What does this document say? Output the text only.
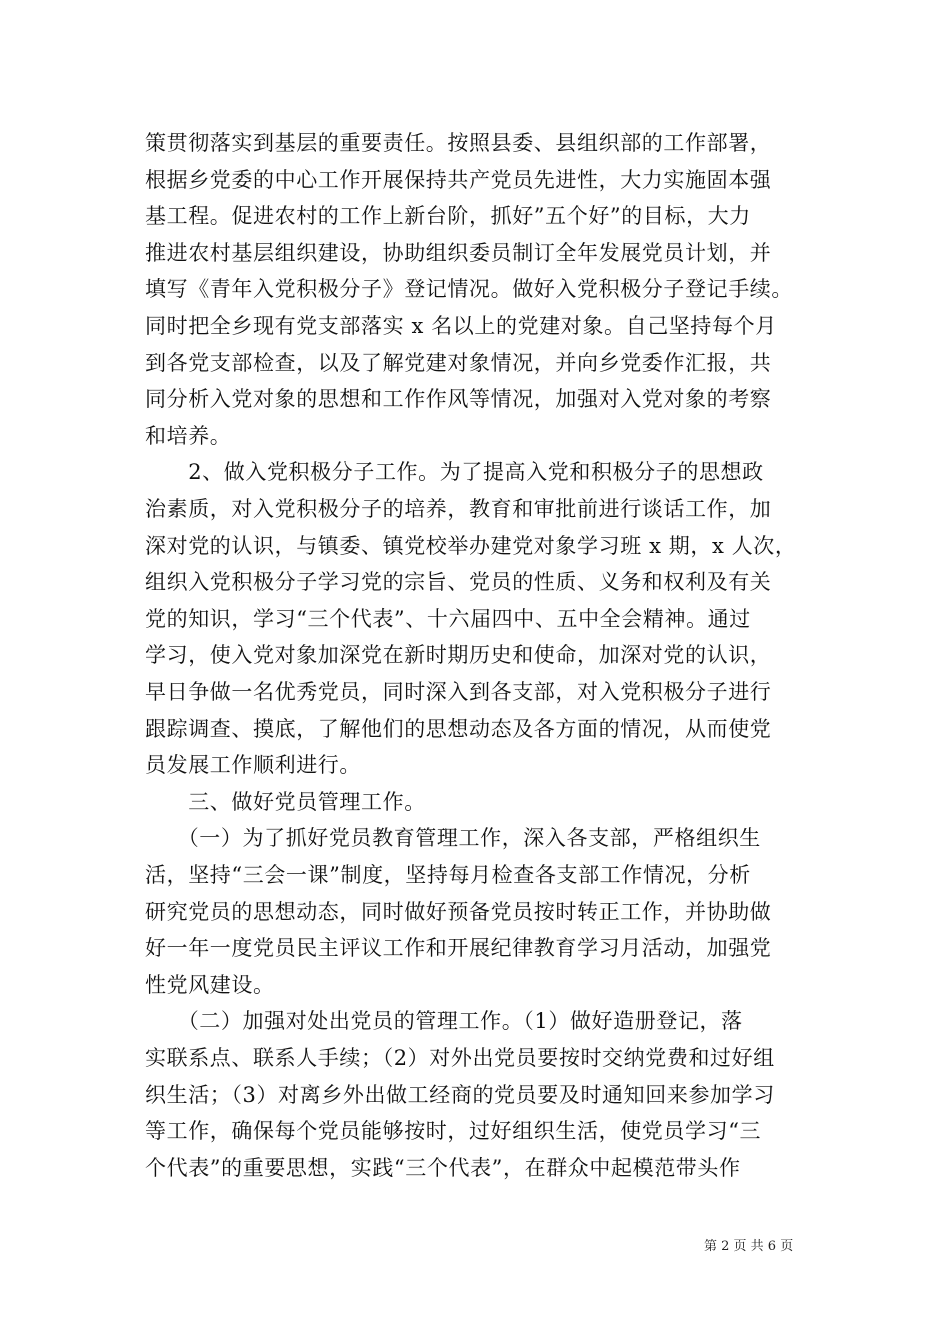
策贯彻落实到基层的重要责任。按照县委、县组织部的工作部署，
根据乡党委的中心工作开展保持共产党员先进性，大力实施固本强
基工程。促进农村的工作上新台阶，抓好”五个好”的目标，大力
推进农村基层组织建设，协助组织委员制订全年发展党员计划，并
填写《青年入党积极分子》登记情况。做好入党积极分子登记手续。
同时把全乡现有党支部落实 x 名以上的党建对象。自己坚持每个月
到各党支部检查，以及了解党建对象情况，并向乡党委作汇报，共
同分析入党对象的思想和工作作风等情况，加强对入党对象的考察
和培养。
　　2、做入党积极分子工作。为了提高入党和积极分子的思想政
治素质，对入党积极分子的培养，教育和审批前进行谈话工作，加
深对党的认识，与镇委、镇党校举办建党对象学习班 x 期，x 人次，
组织入党积极分子学习党的宗旨、党员的性质、义务和权利及有关
党的知识，学习“三个代表”、十六届四中、五中全会精神。通过
学习，使入党对象加深党在新时期历史和使命，加深对党的认识，
早日争做一名优秀党员，同时深入到各支部，对入党积极分子进行
跟踪调查、摸底，了解他们的思想动态及各方面的情况，从而使党
员发展工作顺利进行。
　　三、做好党员管理工作。
　　（一）为了抓好党员教育管理工作，深入各支部，严格组织生
活，坚持“三会一课”制度，坚持每月检查各支部工作情况，分析
研究党员的思想动态，同时做好预备党员按时转正工作，并协助做
好一年一度党员民主评议工作和开展纪律教育学习月活动，加强党
性党风建设。
　　（二）加强对处出党员的管理工作。（1）做好造册登记，落
实联系点、联系人手续；（2）对外出党员要按时交纳党费和过好组
织生活；（3）对离乡外出做工经商的党员要及时通知回来参加学习
等工作，确保每个党员能够按时，过好组织生活，使党员学习“三
个代表”的重要思想，实践“三个代表”，在群众中起模范带头作
第 2 页 共 6 页
